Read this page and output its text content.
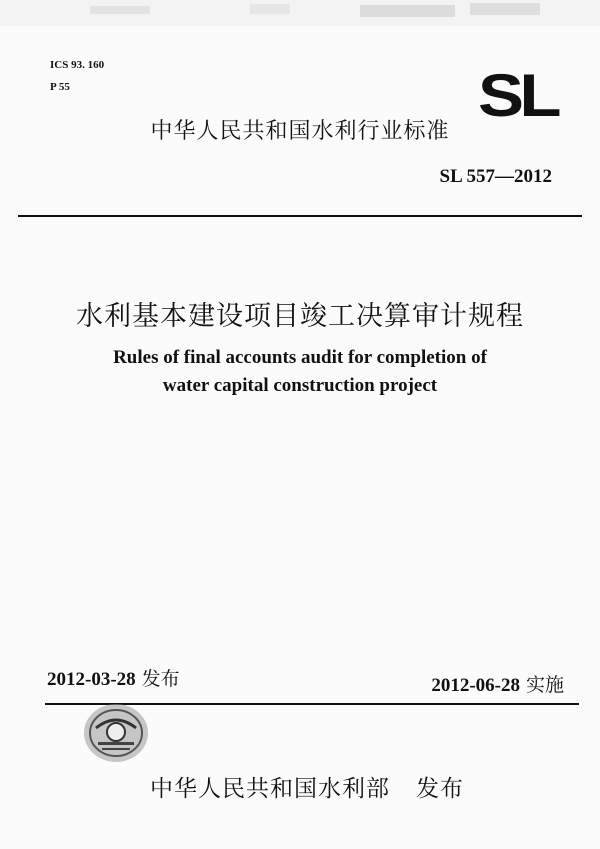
ICS 93. 160
P 55	SL
中华人民共和国水利行业标准
SL 557—2012
水利基本建设项目竣工决算审计规程
Rules of final accounts audit for completion of
water capital construction project
2012-03-28 发布	2012-06-28 实施
中华人民共和国水利部 发布
